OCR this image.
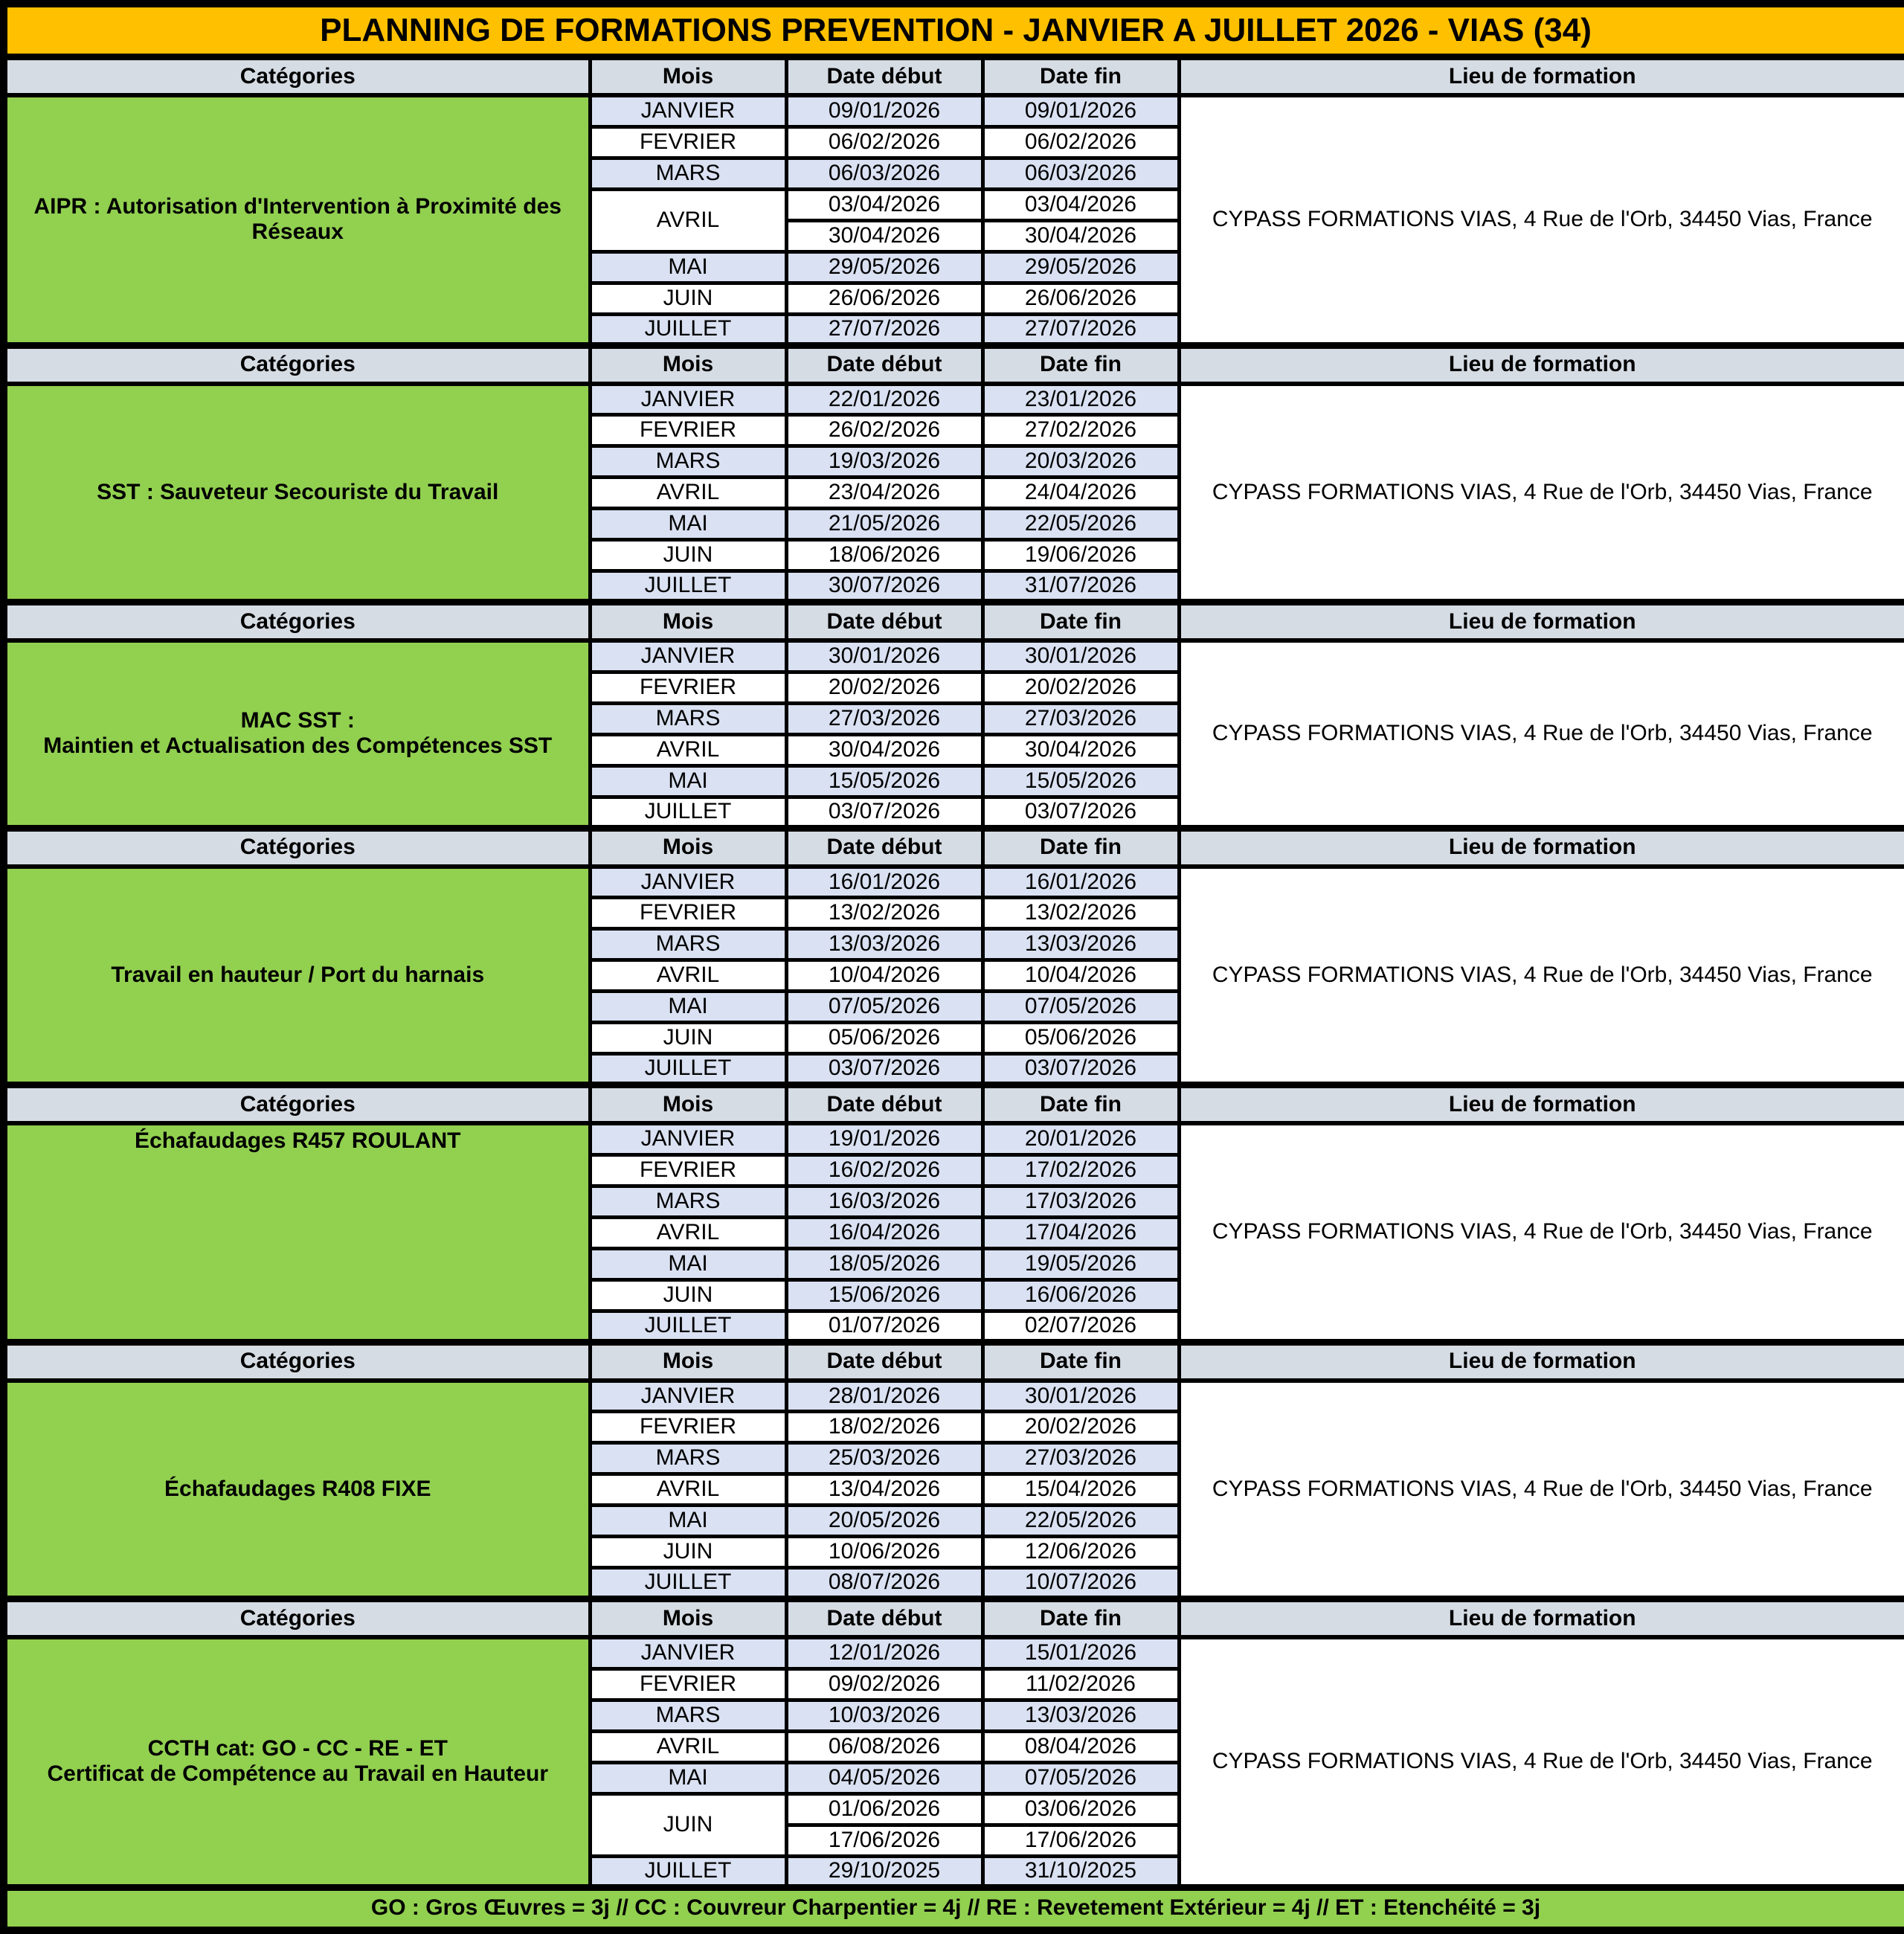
PLANNING DE FORMATIONS PREVENTION - JANVIER A JUILLET 2026 - VIAS (34)				
Catégories	Mois	Date début	Date fin	Lieu de formation
AIPR : Autorisation d'Intervention à Proximité des Réseaux	JANVIER	09/01/2026	09/01/2026	CYPASS FORMATIONS VIAS, 4 Rue de l'Orb, 34450 Vias, France
	FEVRIER	06/02/2026	06/02/2026	
	MARS	06/03/2026	06/03/2026	
	AVRIL	03/04/2026	03/04/2026	
		30/04/2026	30/04/2026	
	MAI	29/05/2026	29/05/2026	
	JUIN	26/06/2026	26/06/2026	
	JUILLET	27/07/2026	27/07/2026	
Catégories	Mois	Date début	Date fin	Lieu de formation
SST : Sauveteur Secouriste du Travail	JANVIER	22/01/2026	23/01/2026	CYPASS FORMATIONS VIAS, 4 Rue de l'Orb, 34450 Vias, France
	FEVRIER	26/02/2026	27/02/2026	
	MARS	19/03/2026	20/03/2026	
	AVRIL	23/04/2026	24/04/2026	
	MAI	21/05/2026	22/05/2026	
	JUIN	18/06/2026	19/06/2026	
	JUILLET	30/07/2026	31/07/2026	
Catégories	Mois	Date début	Date fin	Lieu de formation
MAC SST :
Maintien et Actualisation des Compétences SST	JANVIER	30/01/2026	30/01/2026	CYPASS FORMATIONS VIAS, 4 Rue de l'Orb, 34450 Vias, France
	FEVRIER	20/02/2026	20/02/2026	
	MARS	27/03/2026	27/03/2026	
	AVRIL	30/04/2026	30/04/2026	
	MAI	15/05/2026	15/05/2026	
	JUILLET	03/07/2026	03/07/2026	
Catégories	Mois	Date début	Date fin	Lieu de formation
Travail en hauteur / Port du harnais	JANVIER	16/01/2026	16/01/2026	CYPASS FORMATIONS VIAS, 4 Rue de l'Orb, 34450 Vias, France
	FEVRIER	13/02/2026	13/02/2026	
	MARS	13/03/2026	13/03/2026	
	AVRIL	10/04/2026	10/04/2026	
	MAI	07/05/2026	07/05/2026	
	JUIN	05/06/2026	05/06/2026	
	JUILLET	03/07/2026	03/07/2026	
Catégories	Mois	Date début	Date fin	Lieu de formation
Échafaudages R457 ROULANT	JANVIER	19/01/2026	20/01/2026	CYPASS FORMATIONS VIAS, 4 Rue de l'Orb, 34450 Vias, France
	FEVRIER	16/02/2026	17/02/2026	
	MARS	16/03/2026	17/03/2026	
	AVRIL	16/04/2026	17/04/2026	
	MAI	18/05/2026	19/05/2026	
	JUIN	15/06/2026	16/06/2026	
	JUILLET	01/07/2026	02/07/2026	
Catégories	Mois	Date début	Date fin	Lieu de formation
Échafaudages R408 FIXE	JANVIER	28/01/2026	30/01/2026	CYPASS FORMATIONS VIAS, 4 Rue de l'Orb, 34450 Vias, France
	FEVRIER	18/02/2026	20/02/2026	
	MARS	25/03/2026	27/03/2026	
	AVRIL	13/04/2026	15/04/2026	
	MAI	20/05/2026	22/05/2026	
	JUIN	10/06/2026	12/06/2026	
	JUILLET	08/07/2026	10/07/2026	
Catégories	Mois	Date début	Date fin	Lieu de formation
CCTH cat: GO - CC - RE - ET
Certificat de Compétence au Travail en Hauteur	JANVIER	12/01/2026	15/01/2026	CYPASS FORMATIONS VIAS, 4 Rue de l'Orb, 34450 Vias, France
	FEVRIER	09/02/2026	11/02/2026	
	MARS	10/03/2026	13/03/2026	
	AVRIL	06/08/2026	08/04/2026	
	MAI	04/05/2026	07/05/2026	
	JUIN	01/06/2026	03/06/2026	
		17/06/2026	17/06/2026	
	JUILLET	29/10/2025	31/10/2025	
GO : Gros Œuvres = 3j // CC : Couvreur Charpentier = 4j // RE : Revetement Extérieur = 4j // ET : Etenchéité = 3j				
